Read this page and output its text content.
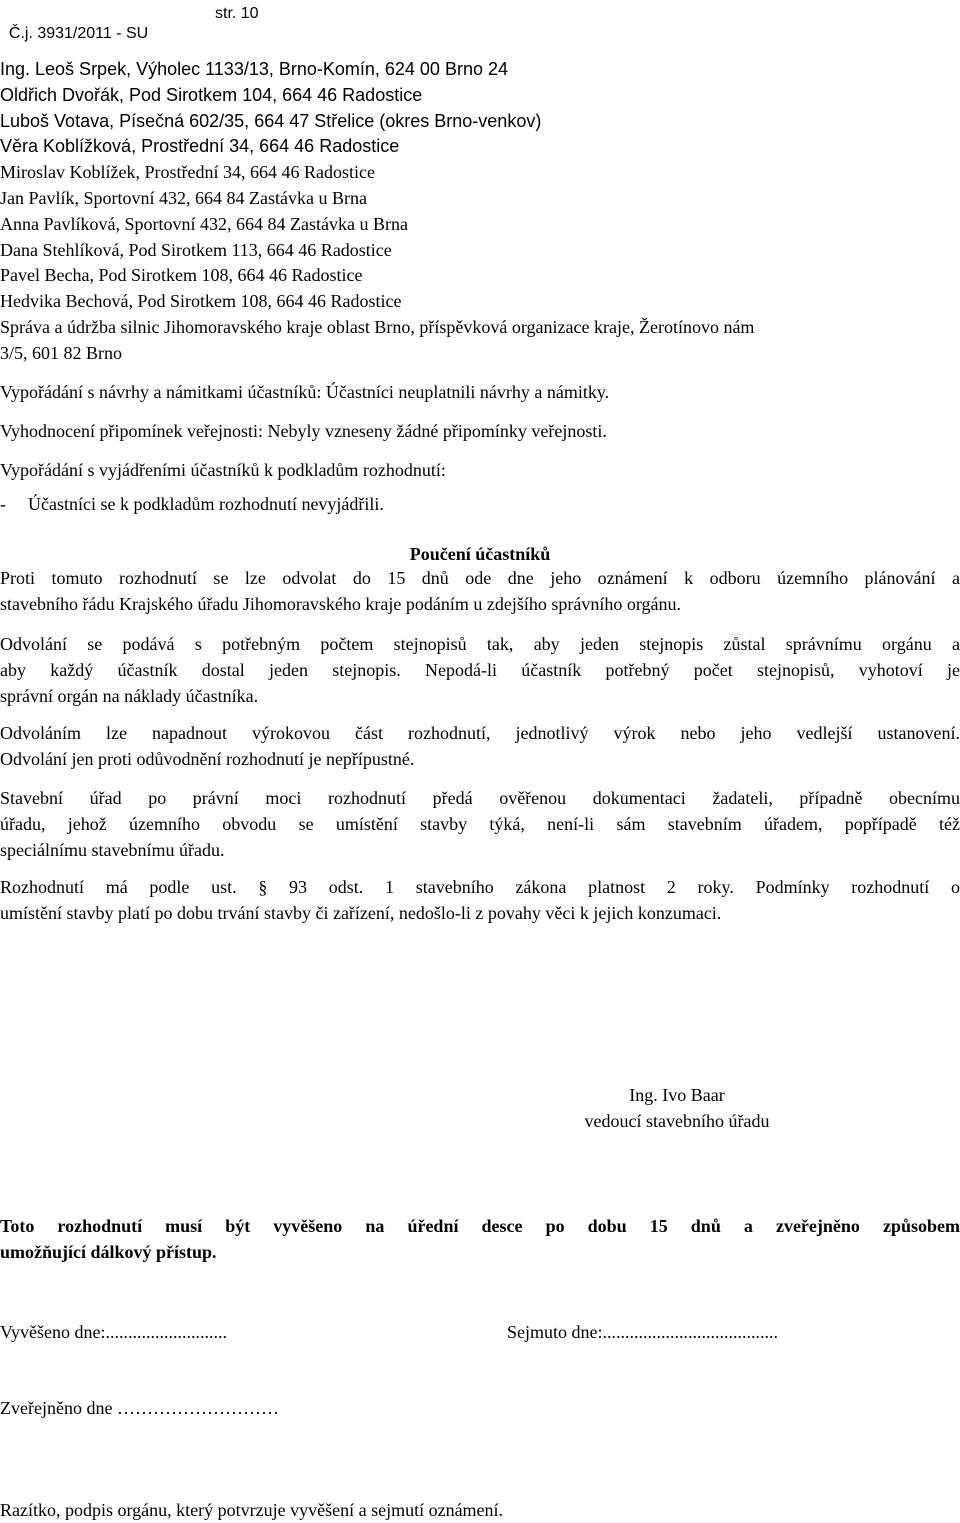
Č.j. 3931/2011 - SU

str. 10

Ing. Leoš Srpek, Výholec 1133/13, Brno-Komín, 624 00 Brno 24
Oldřich Dvořák, Pod Sirotkem 104, 664 46 Radostice
Luboš Votava, Písečná 602/35, 664 47 Střelice (okres Brno-venkov)
Věra Koblížková, Prostřední 34, 664 46 Radostice
Miroslav Koblížek, Prostřední 34, 664 46 Radostice
Jan Pavlík, Sportovní 432, 664 84 Zastávka u Brna
Anna Pavlíková, Sportovní 432, 664 84 Zastávka u Brna
Dana Stehlíková, Pod Sirotkem 113, 664 46 Radostice
Pavel Becha, Pod Sirotkem 108, 664 46 Radostice
Hedvika Bechová, Pod Sirotkem 108, 664 46 Radostice
Správa a údržba silnic Jihomoravského kraje oblast Brno, příspěvková organizace kraje, Žerotínovo nám
3/5, 601 82 Brno
Vypořádání s návrhy a námitkami účastníků: Účastníci neuplatnili návrhy a námitky.
Vyhodnocení připomínek veřejnosti: Nebyly vzneseny žádné připomínky veřejnosti.
Vypořádání s vyjádřeními účastníků k podkladům rozhodnutí:
- Účastníci se k podkladům rozhodnutí nevyjádřili.
Poučení účastníků
Proti tomuto rozhodnutí se lze odvolat do 15 dnů ode dne jeho oznámení k odboru územního plánování a
stavebního řádu Krajského úřadu Jihomoravského kraje podáním u zdejšího správního orgánu.
Odvolání se podává s potřebným počtem stejnopisů tak, aby jeden stejnopis zůstal správnímu orgánu a
aby každý účastník dostal jeden stejnopis. Nepodá-li účastník potřebný počet stejnopisů, vyhotoví je
správní orgán na náklady účastníka.
Odvoláním lze napadnout výrokovou část rozhodnutí, jednotlivý výrok nebo jeho vedlejší ustanovení.
Odvolání jen proti odůvodnění rozhodnutí je nepřípustné.
Stavební úřad po právní moci rozhodnutí předá ověřenou dokumentaci žadateli, případně obecnímu
úřadu, jehož územního obvodu se umístění stavby týká, není-li sám stavebním úřadem, popřípadě též
speciálnímu stavebnímu úřadu.
Rozhodnutí má podle ust. § 93 odst. 1 stavebního zákona platnost 2 roky. Podmínky rozhodnutí o
umístění stavby platí po dobu trvání stavby či zařízení, nedošlo-li z povahy věci k jejich konzumaci.
Ing. Ivo Baar
vedoucí stavebního úřadu
Toto rozhodnutí musí být vyvěšeno na úřední desce po dobu 15 dnů a zveřejněno způsobem
umožňující dálkový přístup.
Vyvěšeno dne:...........................	Sejmuto dne:.......................................
Zveřejněno dne ………………………
Razítko, podpis orgánu, který potvrzuje vyvěšení a sejmutí oznámení.
